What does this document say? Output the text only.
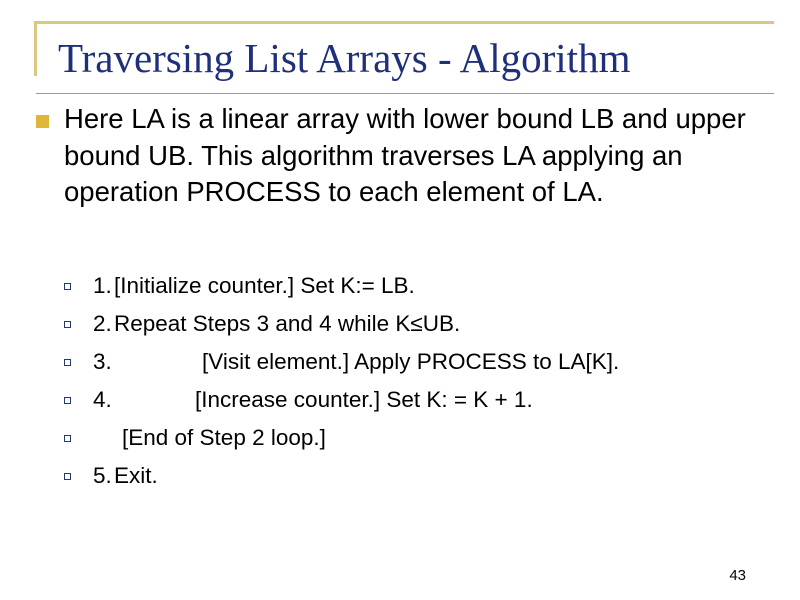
Traversing List Arrays - Algorithm

Here LA is a linear array with lower bound LB and upper bound UB. This algorithm traverses LA applying an operation PROCESS to each element of LA.

1. [Initialize counter.] Set K:= LB.
2. Repeat Steps 3 and 4 while K≤UB.
3.	[Visit element.] Apply PROCESS to LA[K].
4.	[Increase counter.] Set K: = K + 1.
[End of Step 2 loop.]
5. Exit.
43
